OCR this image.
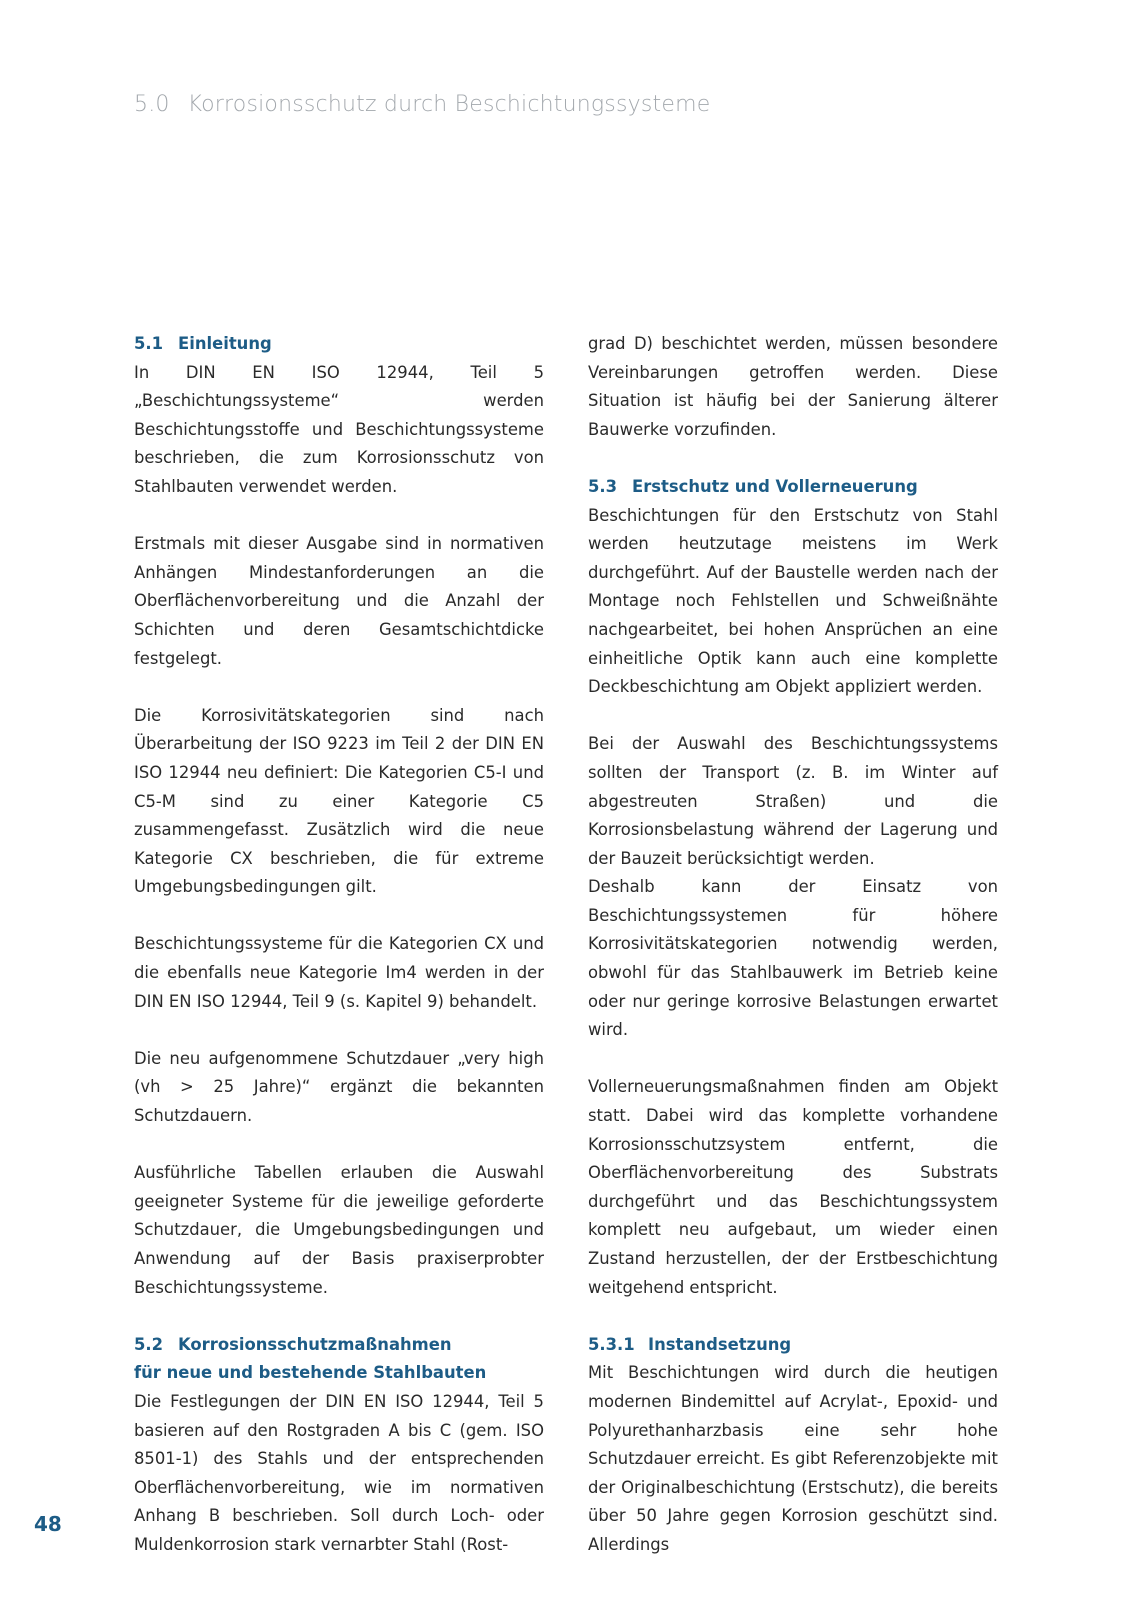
5.0 Korrosionsschutz durch Beschichtungssysteme
5.1 Einleitung

In DIN EN ISO 12944, Teil 5 „Beschichtungssysteme“ werden Beschichtungsstoffe und Beschichtungssysteme beschrieben, die zum Korrosionsschutz von Stahlbauten verwendet werden.

Erstmals mit dieser Ausgabe sind in normativen Anhängen Mindestanforderungen an die Oberflächenvorbereitung und die Anzahl der Schichten und deren Gesamtschichtdicke festgelegt.

Die Korrosivitätskategorien sind nach Überarbeitung der ISO 9223 im Teil 2 der DIN EN ISO 12944 neu definiert: Die Kategorien C5-I und C5-M sind zu einer Kategorie C5 zusammengefasst. Zusätzlich wird die neue Kategorie CX beschrieben, die für extreme Umgebungsbedingungen gilt.

Beschichtungssysteme für die Kategorien CX und die ebenfalls neue Kategorie Im4 werden in der DIN EN ISO 12944, Teil 9 (s. Kapitel 9) behandelt.

Die neu aufgenommene Schutzdauer „very high (vh > 25 Jahre)“ ergänzt die bekannten Schutzdauern.

Ausführliche Tabellen erlauben die Auswahl geeigneter Systeme für die jeweilige geforderte Schutzdauer, die Umgebungsbedingungen und Anwendung auf der Basis praxiserprobter Beschichtungssysteme.

5.2 Korrosionsschutzmaßnahmen
für neue und bestehende Stahlbauten

Die Festlegungen der DIN EN ISO 12944, Teil 5 basieren auf den Rostgraden A bis C (gem. ISO 8501-1) des Stahls und der entsprechenden Oberflächenvorbereitung, wie im normativen Anhang B beschrieben. Soll durch Loch- oder Muldenkorrosion stark vernarbter Stahl (Rost-

grad D) beschichtet werden, müssen besondere Vereinbarungen getroffen werden. Diese Situation ist häufig bei der Sanierung älterer Bauwerke vorzufinden.

5.3 Erstschutz und Vollerneuerung

Beschichtungen für den Erstschutz von Stahl werden heutzutage meistens im Werk durchgeführt. Auf der Baustelle werden nach der Montage noch Fehlstellen und Schweißnähte nachgearbeitet, bei hohen Ansprüchen an eine einheitliche Optik kann auch eine komplette Deckbeschichtung am Objekt appliziert werden.

Bei der Auswahl des Beschichtungssystems sollten der Transport (z. B. im Winter auf abgestreuten Straßen) und die Korrosionsbelastung während der Lagerung und der Bauzeit berücksichtigt werden.

Deshalb kann der Einsatz von Beschichtungssystemen für höhere Korrosivitätskategorien notwendig werden, obwohl für das Stahlbauwerk im Betrieb keine oder nur geringe korrosive Belastungen erwartet wird.

Vollerneuerungsmaßnahmen finden am Objekt statt. Dabei wird das komplette vorhandene Korrosionsschutzsystem entfernt, die Oberflächenvorbereitung des Substrats durchgeführt und das Beschichtungssystem komplett neu aufgebaut, um wieder einen Zustand herzustellen, der der Erstbeschichtung weitgehend entspricht.

5.3.1 Instandsetzung

Mit Beschichtungen wird durch die heutigen modernen Bindemittel auf Acrylat-, Epoxid- und Polyurethanharzbasis eine sehr hohe Schutzdauer erreicht. Es gibt Referenzobjekte mit der Originalbeschichtung (Erstschutz), die bereits über 50 Jahre gegen Korrosion geschützt sind. Allerdings

48
